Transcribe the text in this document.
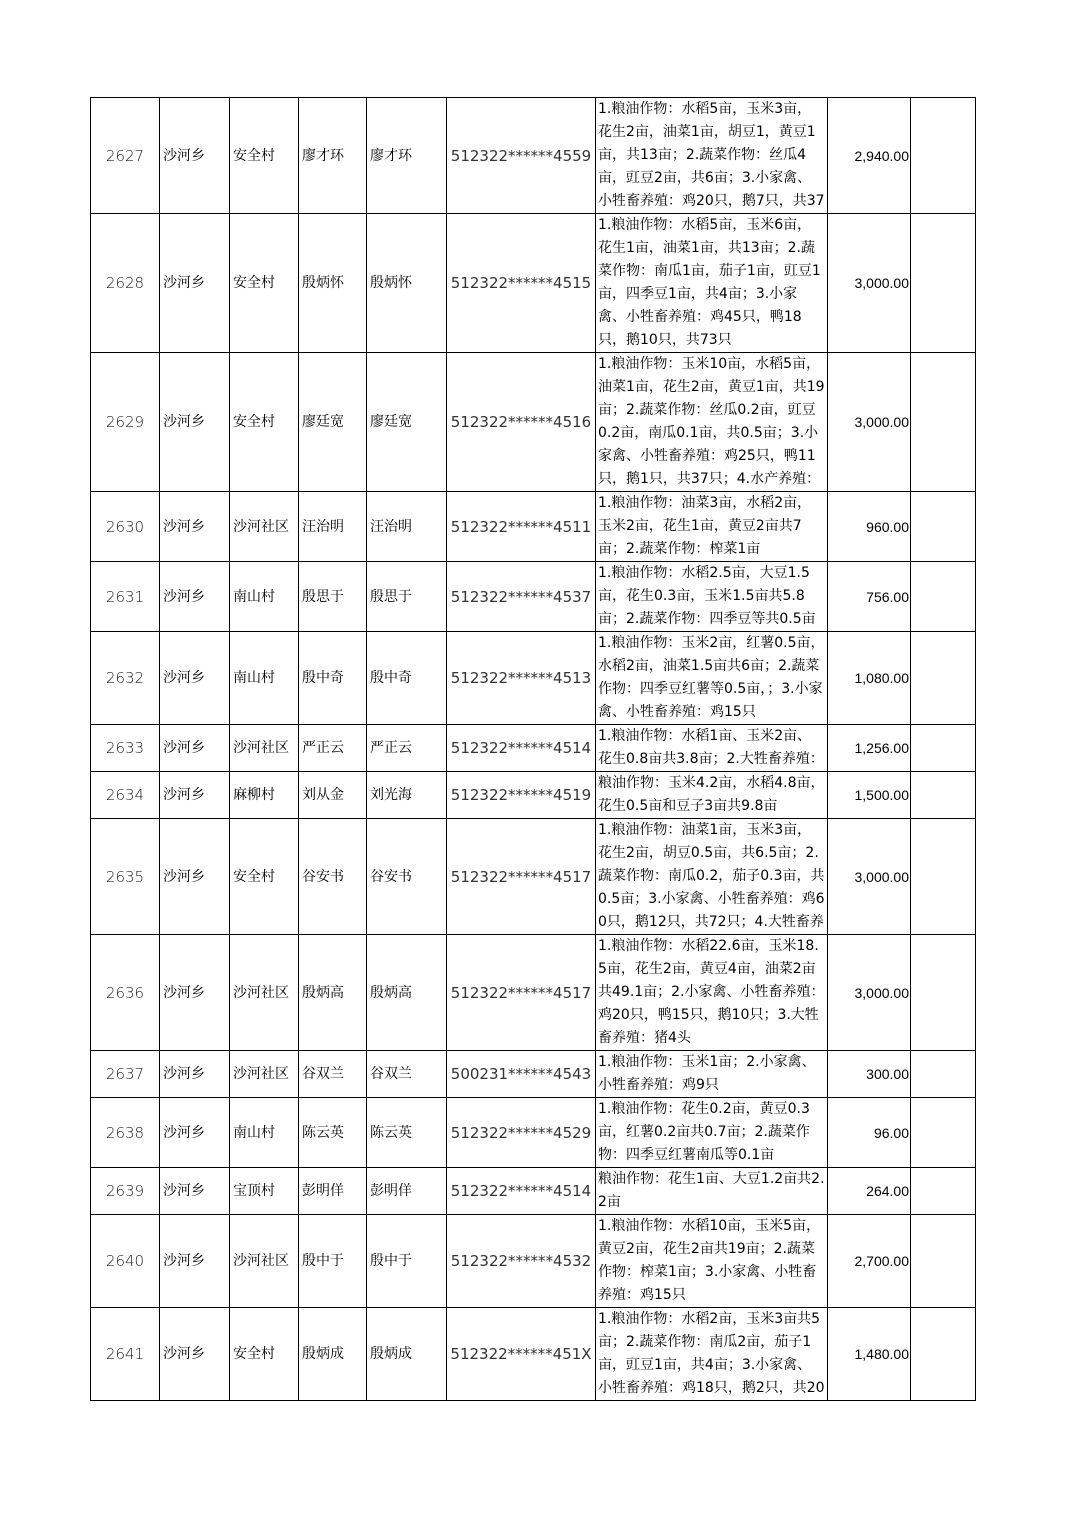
2627	沙河乡	安全村	廖才环	廖才环	512322******4559	1.粮油作物：水稻5亩，玉米3亩，花生2亩，油菜1亩，胡豆1，黄豆1亩，共13亩；2.蔬菜作物：丝瓜4亩，豇豆2亩，共6亩；3.小家禽、小牲畜养殖：鸡20只，鹅7只，共37	2,940.00	
2628	沙河乡	安全村	殷炳怀	殷炳怀	512322******4515	1.粮油作物：水稻5亩，玉米6亩，花生1亩，油菜1亩，共13亩；2.蔬菜作物：南瓜1亩，茄子1亩，豇豆1亩，四季豆1亩，共4亩；3.小家禽、小牲畜养殖：鸡45只，鸭18只，鹅10只，共73只	3,000.00	
2629	沙河乡	安全村	廖廷宽	廖廷宽	512322******4516	1.粮油作物：玉米10亩，水稻5亩，油菜1亩，花生2亩，黄豆1亩，共19亩；2.蔬菜作物：丝瓜0.2亩，豇豆0.2亩，南瓜0.1亩，共0.5亩；3.小家禽、小牲畜养殖：鸡25只，鸭11只，鹅1只，共37只；4.水产养殖：	3,000.00	
2630	沙河乡	沙河社区	汪治明	汪治明	512322******4511	1.粮油作物：油菜3亩，水稻2亩，玉米2亩，花生1亩，黄豆2亩共7亩；2.蔬菜作物：榨菜1亩	960.00	
2631	沙河乡	南山村	殷思于	殷思于	512322******4537	1.粮油作物：水稻2.5亩，大豆1.5亩，花生0.3亩，玉米1.5亩共5.8亩；2.蔬菜作物：四季豆等共0.5亩	756.00	
2632	沙河乡	南山村	殷中奇	殷中奇	512322******4513	1.粮油作物：玉米2亩，红薯0.5亩，水稻2亩，油菜1.5亩共6亩；2.蔬菜作物：四季豆红薯等0.5亩，；3.小家禽、小牲畜养殖：鸡15只	1,080.00	
2633	沙河乡	沙河社区	严正云	严正云	512322******4514	1.粮油作物：水稻1亩、玉米2亩、花生0.8亩共3.8亩；2.大牲畜养殖：	1,256.00	
2634	沙河乡	麻柳村	刘从金	刘光海	512322******4519	粮油作物：玉米4.2亩，水稻4.8亩，花生0.5亩和豆子3亩共9.8亩	1,500.00	
2635	沙河乡	安全村	谷安书	谷安书	512322******4517	1.粮油作物：油菜1亩，玉米3亩，花生2亩，胡豆0.5亩，共6.5亩；2.蔬菜作物：南瓜0.2，茄子0.3亩，共0.5亩；3.小家禽、小牲畜养殖：鸡60只，鹅12只，共72只；4.大牲畜养	3,000.00	
2636	沙河乡	沙河社区	殷炳高	殷炳高	512322******4517	1.粮油作物：水稻22.6亩，玉米18.5亩，花生2亩，黄豆4亩，油菜2亩共49.1亩；2.小家禽、小牲畜养殖：鸡20只，鸭15只，鹅10只；3.大牲畜养殖：猪4头	3,000.00	
2637	沙河乡	沙河社区	谷双兰	谷双兰	500231******4543	1.粮油作物：玉米1亩；2.小家禽、小牲畜养殖：鸡9只	300.00	
2638	沙河乡	南山村	陈云英	陈云英	512322******4529	1.粮油作物：花生0.2亩，黄豆0.3亩，红薯0.2亩共0.7亩；2.蔬菜作物：四季豆红薯南瓜等0.1亩	96.00	
2639	沙河乡	宝顶村	彭明佯	彭明佯	512322******4514	粮油作物：花生1亩、大豆1.2亩共2.2亩	264.00	
2640	沙河乡	沙河社区	殷中于	殷中于	512322******4532	1.粮油作物：水稻10亩，玉米5亩，黄豆2亩，花生2亩共19亩；2.蔬菜作物：榨菜1亩；3.小家禽、小牲畜养殖：鸡15只	2,700.00	
2641	沙河乡	安全村	殷炳成	殷炳成	512322******451X	1.粮油作物：水稻2亩，玉米3亩共5亩；2.蔬菜作物：南瓜2亩，茄子1亩，豇豆1亩，共4亩；3.小家禽、小牲畜养殖：鸡18只，鹅2只，共20	1,480.00	
